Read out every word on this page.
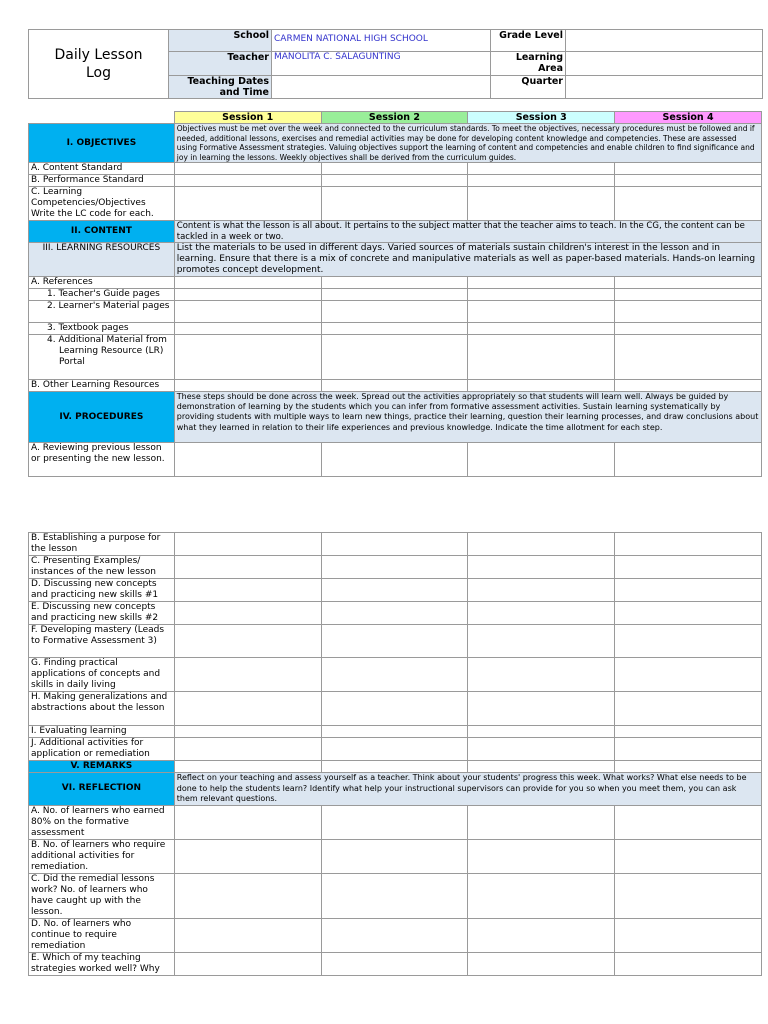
Daily Lesson
Log	School	CARMEN NATIONAL HIGH SCHOOL	Grade Level	
	Teacher	MANOLITA C. SALAGUNTING	Learning Area	
	Teaching Dates and Time		Quarter	
	Session 1	Session 2	Session 3	Session 4
I. OBJECTIVES	Objectives must be met over the week and connected to the curriculum standards. To meet the objectives, necessary procedures must be followed and if needed, additional lessons, exercises and remedial activities may be done for developing content knowledge and competencies. These are assessed using Formative Assessment strategies. Valuing objectives support the learning of content and competencies and enable children to find significance and joy in learning the lessons. Weekly objectives shall be derived from the curriculum guides.			
A. Content Standard				
B. Performance Standard				
C. Learning Competencies/Objectives Write the LC code for each.				
II. CONTENT	Content is what the lesson is all about. It pertains to the subject matter that the teacher aims to teach. In the CG, the content can be tackled in a week or two.			
III. LEARNING RESOURCES	List the materials to be used in different days. Varied sources of materials sustain children's interest in the lesson and in learning. Ensure that there is a mix of concrete and manipulative materials as well as paper-based materials. Hands-on learning promotes concept development.			
A. References				
1. Teacher's Guide pages				
2. Learner's Material pages				
3. Textbook pages				

4. Additional Material from
Learning Resource (LR) Portal				

B. Other Learning Resources				
IV. PROCEDURES	These steps should be done across the week. Spread out the activities appropriately so that students will learn well. Always be guided by demonstration of learning by the students which you can infer from formative assessment activities. Sustain learning systematically by providing students with multiple ways to learn new things, practice their learning, question their learning processes, and draw conclusions about what they learned in relation to their life experiences and previous knowledge. Indicate the time allotment for each step.			
A. Reviewing previous lesson or presenting the new lesson.				
B. Establishing a purpose for the lesson				
C. Presenting Examples/ instances of the new lesson				
D. Discussing new concepts and practicing new skills #1				
E. Discussing new concepts and practicing new skills #2				
F. Developing mastery (Leads to Formative Assessment 3)				
G. Finding practical applications of concepts and skills in daily living				
H. Making generalizations and abstractions about the lesson				
I. Evaluating learning				
J. Additional activities for application or remediation				
V. REMARKS				
VI. REFLECTION	Reflect on your teaching and assess yourself as a teacher. Think about your students' progress this week. What works? What else needs to be done to help the students learn? Identify what help your instructional supervisors can provide for you so when you meet them, you can ask them relevant questions.			
A. No. of learners who earned 80% on the formative assessment				
B. No. of learners who require additional activities for remediation.				
C. Did the remedial lessons work? No. of learners who have caught up with the lesson.				
D. No. of learners who continue to require remediation				
E. Which of my teaching strategies worked well? Why				
